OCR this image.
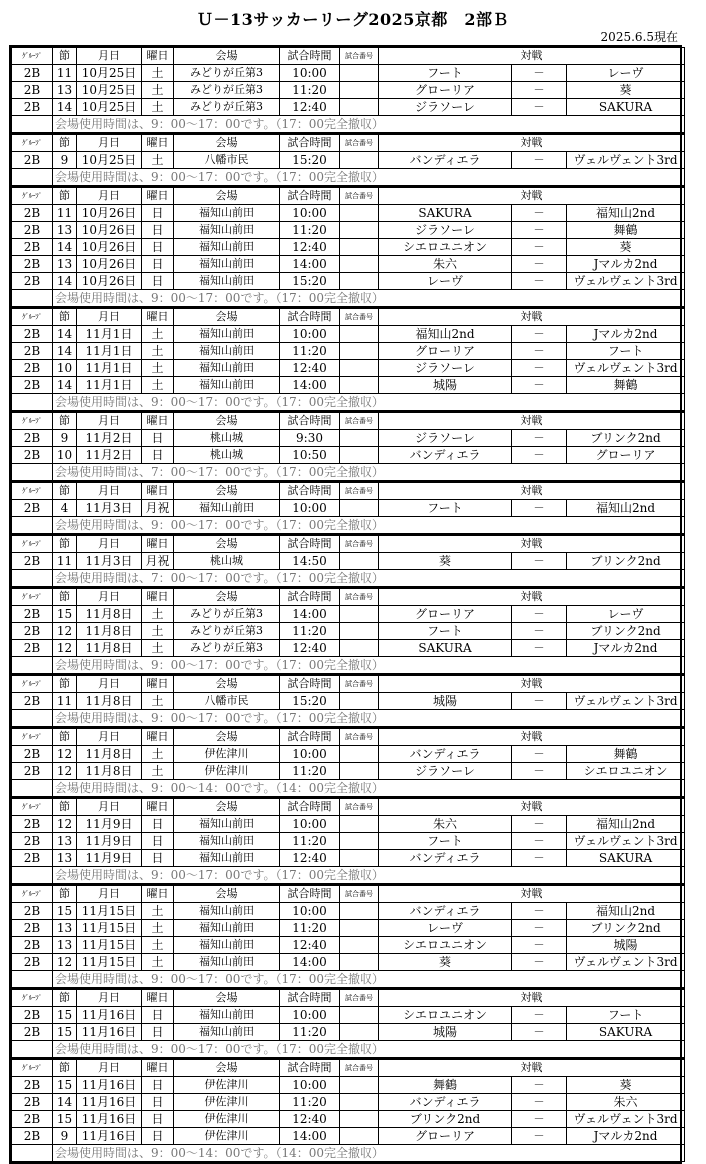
Ｕ－13サッカーリーグ2025京都　2部Ｂ
2025.6.5現在
ｸﾞﾙｰﾌﾟ	節	月日	曜日	会場	試合時間	試合番号	対戦		
2B	11	10月25日	土	みどりが丘第3	10:00		フート	－	レーヴ
2B	13	10月25日	土	みどりが丘第3	11:20		グローリア	－	葵
2B	14	10月25日	土	みどりが丘第3	12:40		ジラソーレ	－	SAKURA
	会場使用時間は、9：00～17：00です。（17：00完全撤収）								
ｸﾞﾙｰﾌﾟ	節	月日	曜日	会場	試合時間	試合番号	対戦		
2B	9	10月25日	土	八幡市民	15:20		バンディエラ	－	ヴェルヴェント3rd
	会場使用時間は、9：00～17：00です。（17：00完全撤収）								
ｸﾞﾙｰﾌﾟ	節	月日	曜日	会場	試合時間	試合番号	対戦		
2B	11	10月26日	日	福知山前田	10:00		SAKURA	－	福知山2nd
2B	13	10月26日	日	福知山前田	11:20		ジラソーレ	－	舞鶴
2B	14	10月26日	日	福知山前田	12:40		シエロユニオン	－	葵
2B	13	10月26日	日	福知山前田	14:00		朱六	－	Jマルカ2nd
2B	14	10月26日	日	福知山前田	15:20		レーヴ	－	ヴェルヴェント3rd
	会場使用時間は、9：00～17：00です。（17：00完全撤収）								
ｸﾞﾙｰﾌﾟ	節	月日	曜日	会場	試合時間	試合番号	対戦		
2B	14	11月1日	土	福知山前田	10:00		福知山2nd	－	Jマルカ2nd
2B	14	11月1日	土	福知山前田	11:20		グローリア	－	フート
2B	10	11月1日	土	福知山前田	12:40		ジラソーレ	－	ヴェルヴェント3rd
2B	14	11月1日	土	福知山前田	14:00		城陽	－	舞鶴
	会場使用時間は、9：00～17：00です。（17：00完全撤収）								
ｸﾞﾙｰﾌﾟ	節	月日	曜日	会場	試合時間	試合番号	対戦		
2B	9	11月2日	日	桃山城	9:30		ジラソーレ	－	ブリンク2nd
2B	10	11月2日	日	桃山城	10:50		バンディエラ	－	グローリア
	会場使用時間は、7：00～17：00です。（17：00完全撤収）								
ｸﾞﾙｰﾌﾟ	節	月日	曜日	会場	試合時間	試合番号	対戦		
2B	4	11月3日	月祝	福知山前田	10:00		フート	－	福知山2nd
	会場使用時間は、9：00～17：00です。（17：00完全撤収）								
ｸﾞﾙｰﾌﾟ	節	月日	曜日	会場	試合時間	試合番号	対戦		
2B	11	11月3日	月祝	桃山城	14:50		葵	－	ブリンク2nd
	会場使用時間は、7：00～17：00です。（17：00完全撤収）								
ｸﾞﾙｰﾌﾟ	節	月日	曜日	会場	試合時間	試合番号	対戦		
2B	15	11月8日	土	みどりが丘第3	14:00		グローリア	－	レーヴ
2B	12	11月8日	土	みどりが丘第3	11:20		フート	－	ブリンク2nd
2B	12	11月8日	土	みどりが丘第3	12:40		SAKURA	－	Jマルカ2nd
	会場使用時間は、9：00～17：00です。（17：00完全撤収）								
ｸﾞﾙｰﾌﾟ	節	月日	曜日	会場	試合時間	試合番号	対戦		
2B	11	11月8日	土	八幡市民	15:20		城陽	－	ヴェルヴェント3rd
	会場使用時間は、9：00～17：00です。（17：00完全撤収）								
ｸﾞﾙｰﾌﾟ	節	月日	曜日	会場	試合時間	試合番号	対戦		
2B	12	11月8日	土	伊佐津川	10:00		バンディエラ	－	舞鶴
2B	12	11月8日	土	伊佐津川	11:20		ジラソーレ	－	シエロユニオン
	会場使用時間は、9：00～14：00です。（14：00完全撤収）								
ｸﾞﾙｰﾌﾟ	節	月日	曜日	会場	試合時間	試合番号	対戦		
2B	12	11月9日	日	福知山前田	10:00		朱六	－	福知山2nd
2B	13	11月9日	日	福知山前田	11:20		フート	－	ヴェルヴェント3rd
2B	13	11月9日	日	福知山前田	12:40		バンディエラ	－	SAKURA
	会場使用時間は、9：00～17：00です。（17：00完全撤収）								
ｸﾞﾙｰﾌﾟ	節	月日	曜日	会場	試合時間	試合番号	対戦		
2B	15	11月15日	土	福知山前田	10:00		バンディエラ	－	福知山2nd
2B	13	11月15日	土	福知山前田	11:20		レーヴ	－	ブリンク2nd
2B	13	11月15日	土	福知山前田	12:40		シエロユニオン	－	城陽
2B	12	11月15日	土	福知山前田	14:00		葵	－	ヴェルヴェント3rd
	会場使用時間は、9：00～17：00です。（17：00完全撤収）								
ｸﾞﾙｰﾌﾟ	節	月日	曜日	会場	試合時間	試合番号	対戦		
2B	15	11月16日	日	福知山前田	10:00		シエロユニオン	－	フート
2B	15	11月16日	日	福知山前田	11:20		城陽	－	SAKURA
	会場使用時間は、9：00～17：00です。（17：00完全撤収）								
ｸﾞﾙｰﾌﾟ	節	月日	曜日	会場	試合時間	試合番号	対戦		
2B	15	11月16日	日	伊佐津川	10:00		舞鶴	－	葵
2B	14	11月16日	日	伊佐津川	11:20		バンディエラ	－	朱六
2B	15	11月16日	日	伊佐津川	12:40		ブリンク2nd	－	ヴェルヴェント3rd
2B	9	11月16日	日	伊佐津川	14:00		グローリア	－	Jマルカ2nd
	会場使用時間は、9：00～14：00です。（14：00完全撤収）								
